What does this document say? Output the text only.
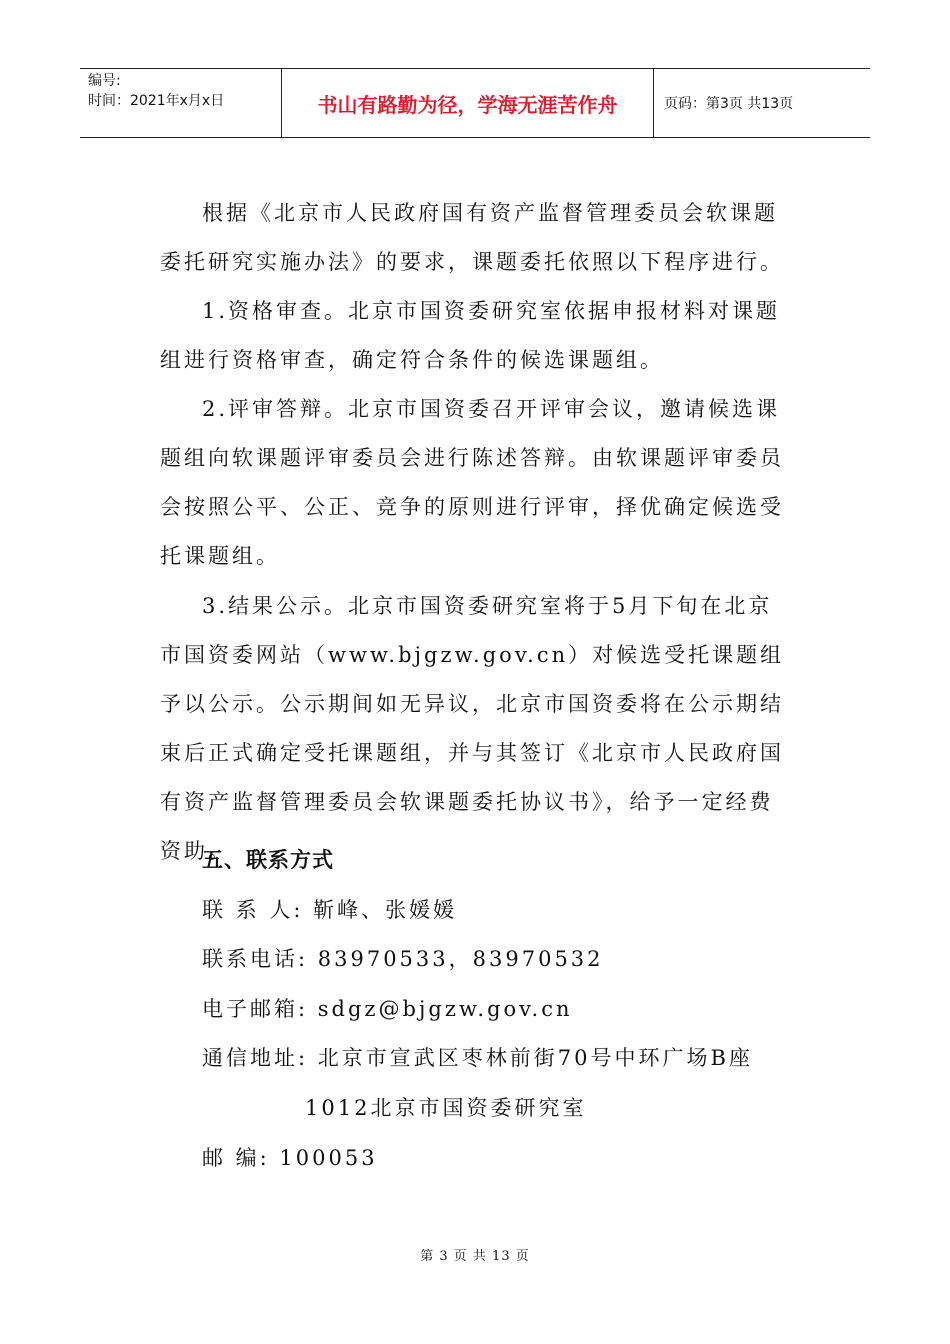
编号:
时间：2021年x月x日	书山有路勤为径，学海无涯苦作舟	页码：第3页 共13页
根据《北京市人民政府国有资产监督管理委员会软课题委托研究实施办法》的要求，课题委托依照以下程序进行。
1.资格审查。北京市国资委研究室依据申报材料对课题组进行资格审查，确定符合条件的候选课题组。
2.评审答辩。北京市国资委召开评审会议，邀请候选课题组向软课题评审委员会进行陈述答辩。由软课题评审委员会按照公平、公正、竞争的原则进行评审，择优确定候选受托课题组。
3.结果公示。北京市国资委研究室将于5月下旬在北京市国资委网站（www.bjgzw.gov.cn）对候选受托课题组予以公示。公示期间如无异议，北京市国资委将在公示期结束后正式确定受托课题组，并与其签订《北京市人民政府国有资产监督管理委员会软课题委托协议书》，给予一定经费资助。
五、联系方式
联 系 人: 靳峰、张媛媛
联系电话: 83970533，83970532
电子邮箱: sdgz@bjgzw.gov.cn
通信地址: 北京市宣武区枣林前街70号中环广场B座
1012北京市国资委研究室
邮 编: 100053
第 3 页 共 13 页
